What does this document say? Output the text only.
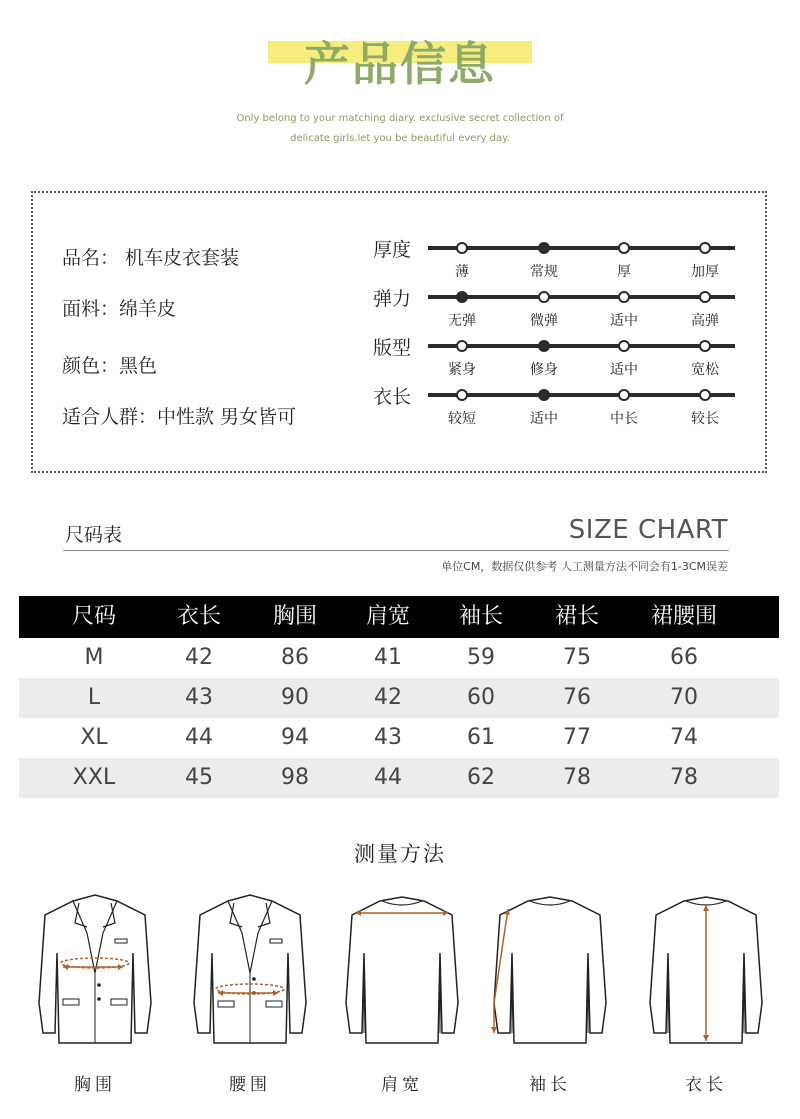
产品信息
Only belong to your matching diary. exclusive secret collection of
delicate girls.let you be beautiful every day.
品名： 机车皮衣套装
面料：绵羊皮
颜色：黑色
适合人群：中性款 男女皆可
厚度
薄	常规	厚	加厚
弹力
无弹	微弹	适中	高弹
版型
紧身	修身	适中	宽松
衣长
较短	适中	中长	较长
尺码表	SIZE CHART
单位CM，数据仅供参考 人工测量方法不同会有1-3CM误差
尺码	衣长	胸围	肩宽	袖长	裙长	裙腰围
M	42	86	41	59	75	66
L	43	90	42	60	76	70
XL	44	94	43	61	77	74
XXL	45	98	44	62	78	78
测量方法
胸围	腰围	肩宽	袖长	衣长
